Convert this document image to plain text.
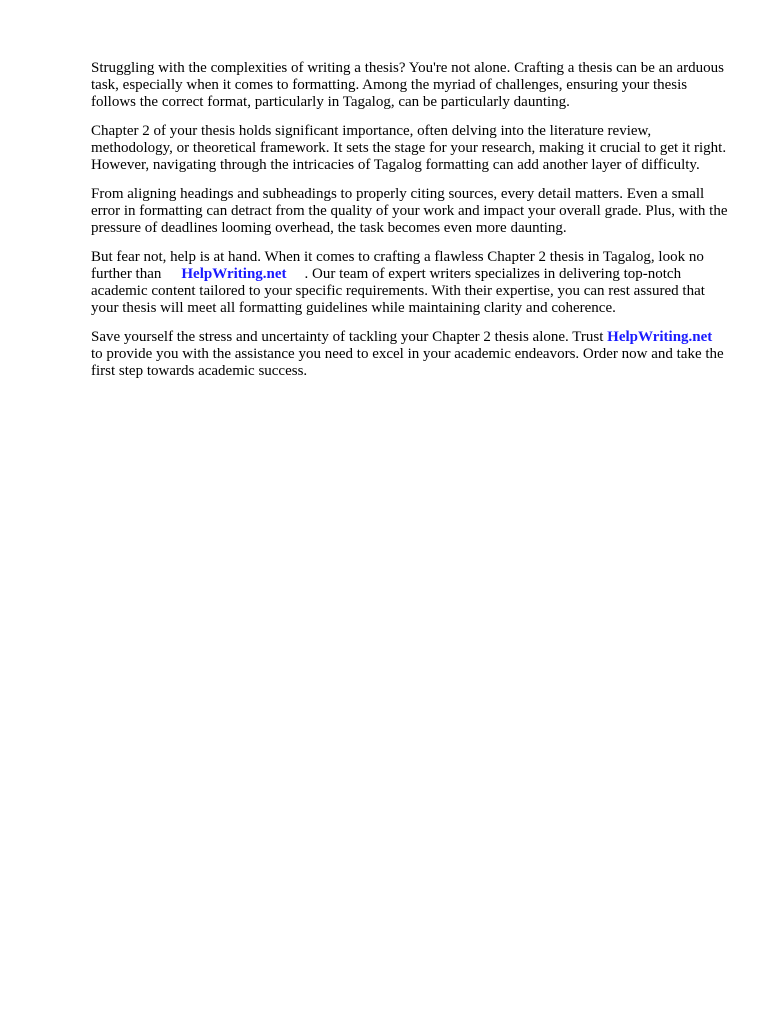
Struggling with the complexities of writing a thesis? You're not alone. Crafting a thesis can be an arduous task, especially when it comes to formatting. Among the myriad of challenges, ensuring your thesis follows the correct format, particularly in Tagalog, can be particularly daunting.

Chapter 2 of your thesis holds significant importance, often delving into the literature review, methodology, or theoretical framework. It sets the stage for your research, making it crucial to get it right. However, navigating through the intricacies of Tagalog formatting can add another layer of difficulty.

From aligning headings and subheadings to properly citing sources, every detail matters. Even a small error in formatting can detract from the quality of your work and impact your overall grade. Plus, with the pressure of deadlines looming overhead, the task becomes even more daunting.

But fear not, help is at hand. When it comes to crafting a flawless Chapter 2 thesis in Tagalog, look no further than HelpWriting.net . Our team of expert writers specializes in delivering top-notch academic content tailored to your specific requirements. With their expertise, you can rest assured that your thesis will meet all formatting guidelines while maintaining clarity and coherence.

Save yourself the stress and uncertainty of tackling your Chapter 2 thesis alone. Trust HelpWriting.netto provide you with the assistance you need to excel in your academic endeavors. Order now and take the first step towards academic success.
